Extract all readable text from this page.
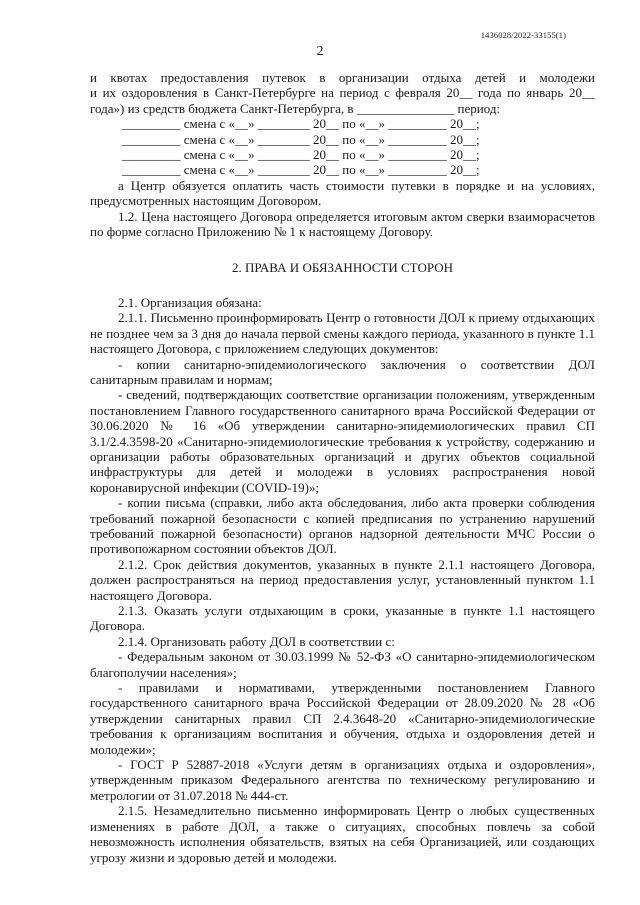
1436028/2022-33155(1)
2

и квотах предоставления путевок в организации отдыха детей и молодежи

и их оздоровления в Санкт-Петербурге на период с февраля 20__ года по январь 20__

года») из средств бюджета Санкт-Петербурга, в _______________ период:

_________ смена с «__» ________ 20__ по «__» _________ 20__;

_________ смена с «__» ________ 20__ по «__» _________ 20__;

_________ смена с «__» ________ 20__ по «__» _________ 20__;

_________ смена с «__» ________ 20__ по «__» _________ 20__;

а Центр обязуется оплатить часть стоимости путевки в порядке и на условиях, предусмотренных настоящим Договором.

1.2. Цена настоящего Договора определяется итоговым актом сверки взаиморасчетов по форме согласно Приложению № 1 к настоящему Договору.

2. ПРАВА И ОБЯЗАННОСТИ СТОРОН

2.1. Организация обязана:

2.1.1. Письменно проинформировать Центр о готовности ДОЛ к приему отдыхающих не позднее чем за 3 дня до начала первой смены каждого периода, указанного в пункте 1.1 настоящего Договора, с приложением следующих документов:

- копии санитарно-эпидемиологического заключения о соответствии ДОЛ санитарным правилам и нормам;

- сведений, подтверждающих соответствие организации положениям, утвержденным постановлением Главного государственного санитарного врача Российской Федерации от 30.06.2020 № 16 «Об утверждении санитарно-эпидемиологических правил СП 3.1/2.4.3598-20 «Санитарно-эпидемиологические требования к устройству, содержанию и организации работы образовательных организаций и других объектов социальной инфраструктуры для детей и молодежи в условиях распространения новой коронавирусной инфекции (COVID-19)»;

- копии письма (справки, либо акта обследования, либо акта проверки соблюдения требований пожарной безопасности с копией предписания по устранению нарушений требований пожарной безопасности) органов надзорной деятельности МЧС России о противопожарном состоянии объектов ДОЛ.

2.1.2. Срок действия документов, указанных в пункте 2.1.1 настоящего Договора, должен распространяться на период предоставления услуг, установленный пунктом 1.1 настоящего Договора.

2.1.3. Оказать услуги отдыхающим в сроки, указанные в пункте 1.1 настоящего Договора.

2.1.4. Организовать работу ДОЛ в соответствии с:

- Федеральным законом от 30.03.1999 № 52-ФЗ «О санитарно-эпидемиологическом благополучии населения»;

- правилами и нормативами, утвержденными постановлением Главного государственного санитарного врача Российской Федерации от 28.09.2020 № 28 «Об утверждении санитарных правил СП 2.4.3648-20 «Санитарно-эпидемиологические требования к организациям воспитания и обучения, отдыха и оздоровления детей и молодежи»;

- ГОСТ Р 52887-2018 «Услуги детям в организациях отдыха и оздоровления», утвержденным приказом Федерального агентства по техническому регулированию и метрологии от 31.07.2018 № 444-ст.

2.1.5. Незамедлительно письменно информировать Центр о любых существенных изменениях в работе ДОЛ, а также о ситуациях, способных повлечь за собой невозможность исполнения обязательств, взятых на себя Организацией, или создающих угрозу жизни и здоровью детей и молодежи.
